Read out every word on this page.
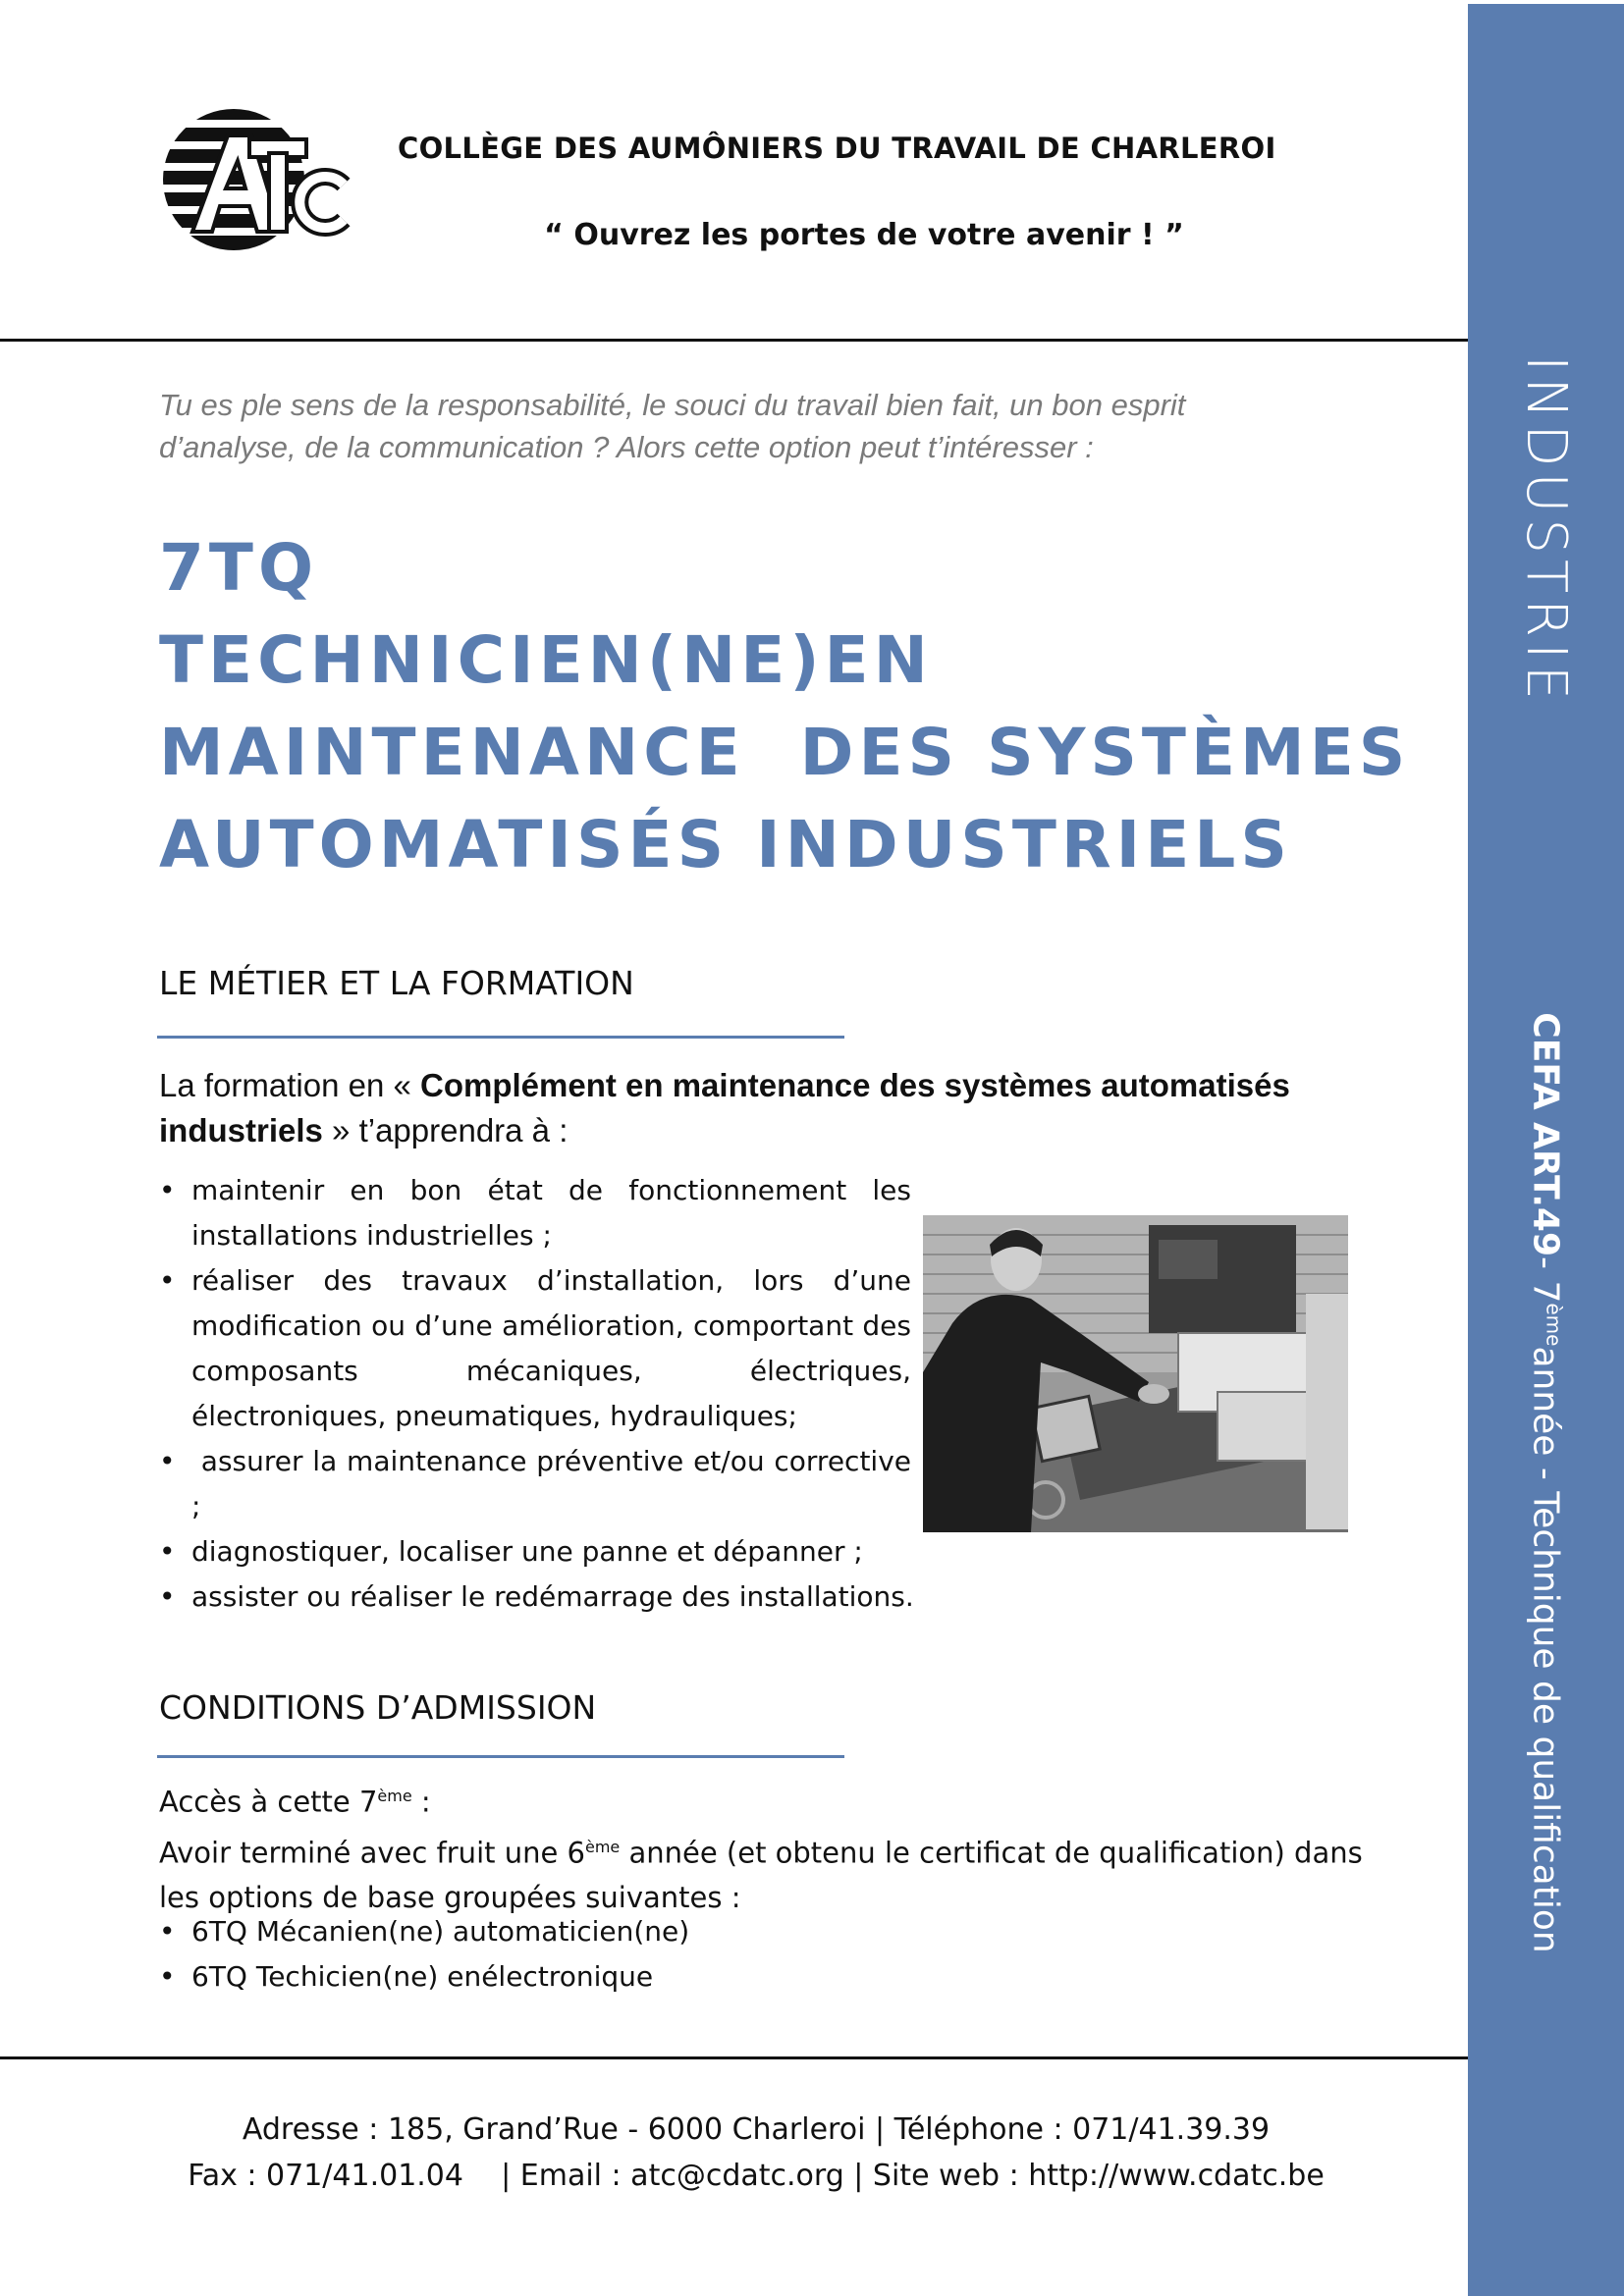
INDUSTRIE
CEFA ART.49- 7èmeannée - Technique de qualification
COLLÈGE DES AUMÔNIERS DU TRAVAIL DE CHARLEROI
“ Ouvrez les portes de votre avenir ! ”
Tu es ple sens de la responsabilité, le souci du travail bien fait, un bon esprit d’analyse, de la communication ? Alors cette option peut t’intéresser :
7TQ
TECHNICIEN(NE)EN
MAINTENANCE  DES SYSTÈMES
AUTOMATISÉS INDUSTRIELS
LE MÉTIER ET LA FORMATION
La formation en « Complément en maintenance des systèmes automatisés industriels » t’apprendra à :
• maintenir en bon état de fonctionnement les installations industrielles ;
• réaliser des travaux d’installation, lors d’une modification ou d’une amélioration, comportant des composants mécaniques, électriques, électroniques, pneumatiques, hydrauliques;
•  assurer la maintenance préventive et/ou corrective ;
• diagnostiquer, localiser une panne et dépanner ;
• assister ou réaliser le redémarrage des installations.
CONDITIONS D’ADMISSION
Accès à cette 7ème :
Avoir terminé avec fruit une 6ème année (et obtenu le certificat de qualification) dans les options de base groupées suivantes :
• 6TQ Mécanien(ne) automaticien(ne)
• 6TQ Techicien(ne) enélectronique
Adresse : 185, Grand’Rue - 6000 Charleroi | Téléphone : 071/41.39.39
Fax : 071/41.01.04    | Email : atc@cdatc.org | Site web : http://www.cdatc.be
